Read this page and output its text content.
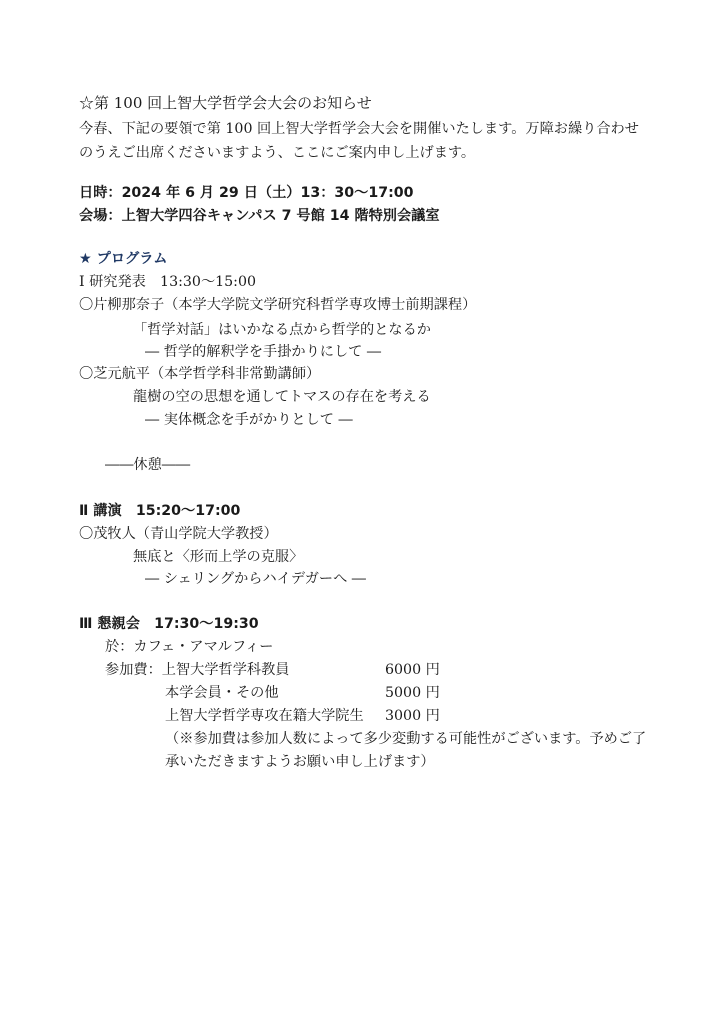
☆第 100 回上智大学哲学会大会のお知らせ
今春、下記の要領で第 100 回上智大学哲学会大会を開催いたします。万障お繰り合わせ
のうえご出席くださいますよう、ここにご案内申し上げます。
日時：2024 年 6 月 29 日（土）13：30〜17:00
会場：上智大学四谷キャンパス 7 号館 14 階特別会議室
★ プログラム
Ⅰ 研究発表　13:30〜15:00
〇片柳那奈子（本学大学院文学研究科哲学専攻博士前期課程）
「哲学対話」はいかなる点から哲学的となるか
― 哲学的解釈学を手掛かりにして ―
〇芝元航平（本学哲学科非常勤講師）
龍樹の空の思想を通してトマスの存在を考える
― 実体概念を手がかりとして ―
――休憩――
Ⅱ 講演　15:20〜17:00
〇茂牧人（青山学院大学教授）
無底と〈形而上学の克服〉
― シェリングからハイデガーへ ―
Ⅲ 懇親会　17:30〜19:30
於：カフェ・アマルフィー
参加費：上智大学哲学科教員	6000 円
本学会員・その他	5000 円
上智大学哲学専攻在籍大学院生 3000 円
（※参加費は参加人数によって多少変動する可能性がございます。予めご了
承いただきますようお願い申し上げます）
